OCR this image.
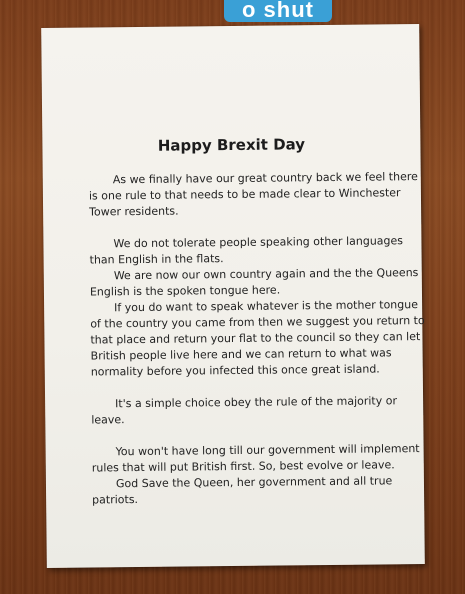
o shut
Happy Brexit Day

As we finally have our great country back we feel there is one rule to that needs to be made clear to Winchester Tower residents.

We do not tolerate people speaking other languages than English in the flats.

We are now our own country again and the the Queens English is the spoken tongue here.

If you do want to speak whatever is the mother tongue of the country you came from then we suggest you return to that place and return your flat to the council so they can let British people live here and we can return to what was normality before you infected this once great island.

It's a simple choice obey the rule of the majority or leave.

You won't have long till our government will implement rules that will put British first. So, best evolve or leave.

God Save the Queen, her government and all true patriots.
